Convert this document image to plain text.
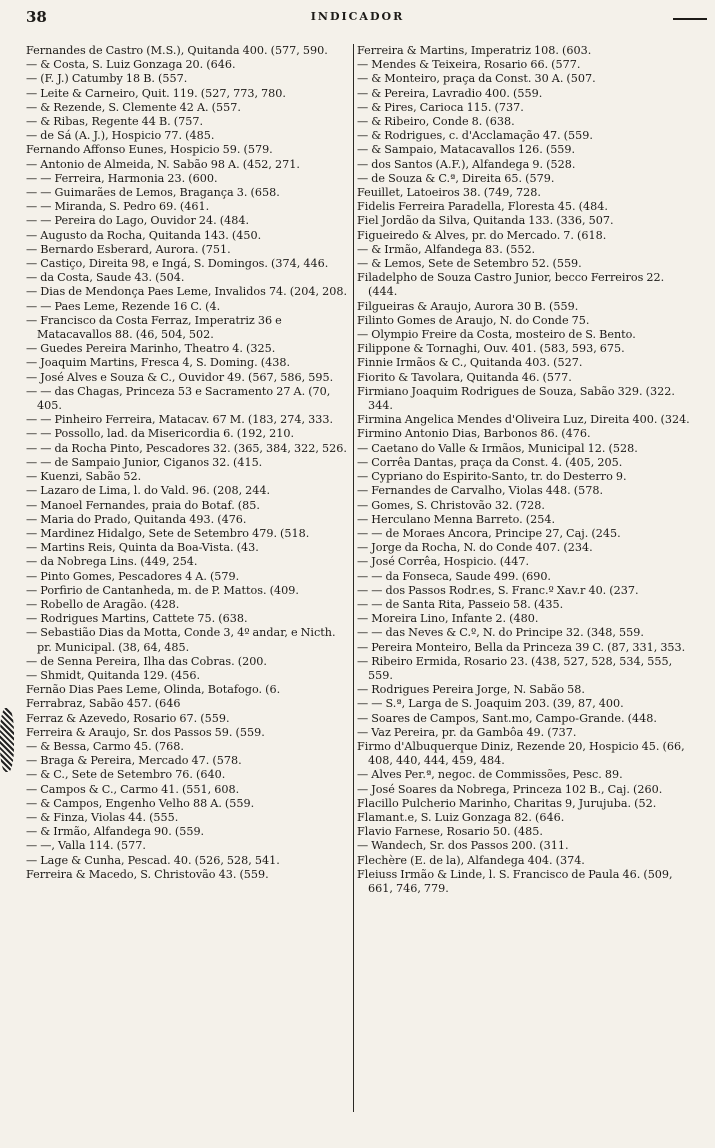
38	INDICADOR
Fernandes de Castro (M.S.), Quitanda 400. (577, 590.
— & Costa, S. Luiz Gonzaga 20. (646.
— (F. J.) Catumby 18 B. (557.
— Leite & Carneiro, Quit. 119. (527, 773, 780.
— & Rezende, S. Clemente 42 A. (557.
— & Ribas, Regente 44 B. (757.
— de Sá (A. J.), Hospicio 77. (485.
Fernando Affonso Eunes, Hospicio 59. (579.
— Antonio de Almeida, N. Sabão 98 A. (452, 271.
— — Ferreira, Harmonia 23. (600.
— — Guimarães de Lemos, Bragança 3. (658.
— — Miranda, S. Pedro 69. (461.
— — Pereira do Lago, Ouvidor 24. (484.
— Augusto da Rocha, Quitanda 143. (450.
— Bernardo Esberard, Aurora. (751.
— Castiço, Direita 98, e Ingá, S. Domingos. (374, 446.
— da Costa, Saude 43. (504.
— Dias de Mendonça Paes Leme, Invalidos 74. (204, 208.
— — Paes Leme, Rezende 16 C. (4.
— Francisco da Costa Ferraz, Imperatriz 36 e Matacavallos 88. (46, 504, 502.
— Guedes Pereira Marinho, Theatro 4. (325.
— Joaquim Martins, Fresca 4, S. Doming. (438.
— José Alves e Souza & C., Ouvidor 49. (567, 586, 595.
— — das Chagas, Princeza 53 e Sacramento 27 A. (70, 405.
— — Pinheiro Ferreira, Matacav. 67 M. (183, 274, 333.
— — Possollo, lad. da Misericordia 6. (192, 210.
— — da Rocha Pinto, Pescadores 32. (365, 384, 322, 526.
— — de Sampaio Junior, Ciganos 32. (415.
— Kuenzi, Sabão 52.
— Lazaro de Lima, l. do Vald. 96. (208, 244.
— Manoel Fernandes, praia do Botaf. (85.
— Maria do Prado, Quitanda 493. (476.
— Mardinez Hidalgo, Sete de Setembro 479. (518.
— Martins Reis, Quinta da Boa-Vista. (43.
— da Nobrega Lins. (449, 254.
— Pinto Gomes, Pescadores 4 A. (579.
— Porfirio de Cantanheda, m. de P. Mattos. (409.
— Robello de Aragão. (428.
— Rodrigues Martins, Cattete 75. (638.
— Sebastião Dias da Motta, Conde 3, 4º andar, e Nicth. pr. Municipal. (38, 64, 485.
— de Senna Pereira, Ilha das Cobras. (200.
— Shmidt, Quitanda 129. (456.
Fernão Dias Paes Leme, Olinda, Botafogo. (6.
Ferrabraz, Sabão 457. (646
Ferraz & Azevedo, Rosario 67. (559.
Ferreira & Araujo, Sr. dos Passos 59. (559.
— & Bessa, Carmo 45. (768.
— Braga & Pereira, Mercado 47. (578.
— & C., Sete de Setembro 76. (640.
— Campos & C., Carmo 41. (551, 608.
— & Campos, Engenho Velho 88 A. (559.
— & Finza, Violas 44. (555.
— & Irmão, Alfandega 90. (559.
— —, Valla 114. (577.
— Lage & Cunha, Pescad. 40. (526, 528, 541.
Ferreira & Macedo, S. Christovão 43. (559.
Ferreira & Martins, Imperatriz 108. (603.
— Mendes & Teixeira, Rosario 66. (577.
— & Monteiro, praça da Const. 30 A. (507.
— & Pereira, Lavradio 400. (559.
— & Pires, Carioca 115. (737.
— & Ribeiro, Conde 8. (638.
— & Rodrigues, c. d'Acclamação 47. (559.
— & Sampaio, Matacavallos 126. (559.
— dos Santos (A.F.), Alfandega 9. (528.
— de Souza & C.ª, Direita 65. (579.
Feuillet, Latoeiros 38. (749, 728.
Fidelis Ferreira Paradella, Floresta 45. (484.
Fiel Jordão da Silva, Quitanda 133. (336, 507.
Figueiredo & Alves, pr. do Mercado. 7. (618.
— & Irmão, Alfandega 83. (552.
— & Lemos, Sete de Setembro 52. (559.
Filadelpho de Souza Castro Junior, becco Ferreiros 22. (444.
Filgueiras & Araujo, Aurora 30 B. (559.
Filinto Gomes de Araujo, N. do Conde 75.
— Olympio Freire da Costa, mosteiro de S. Bento.
Filippone & Tornaghi, Ouv. 401. (583, 593, 675.
Finnie Irmãos & C., Quitanda 403. (527.
Fiorito & Tavolara, Quitanda 46. (577.
Firmiano Joaquim Rodrigues de Souza, Sabão 329. (322. 344.
Firmina Angelica Mendes d'Oliveira Luz, Direita 400. (324.
Firmino Antonio Dias, Barbonos 86. (476.
— Caetano do Valle & Irmãos, Municipal 12. (528.
— Corrêa Dantas, praça da Const. 4. (405, 205.
— Cypriano do Espirito-Santo, tr. do Desterro 9.
— Fernandes de Carvalho, Violas 448. (578.
— Gomes, S. Christovão 32. (728.
— Herculano Menna Barreto. (254.
— — de Moraes Ancora, Principe 27, Caj. (245.
— Jorge da Rocha, N. do Conde 407. (234.
— José Corrêa, Hospicio. (447.
— — da Fonseca, Saude 499. (690.
— — dos Passos Rodr.es, S. Franc.º Xav.r 40. (237.
— — de Santa Rita, Passeio 58. (435.
— Moreira Lino, Infante 2. (480.
— — das Neves & C.º, N. do Principe 32. (348, 559.
— Pereira Monteiro, Bella da Princeza 39 C. (87, 331, 353.
— Ribeiro Ermida, Rosario 23. (438, 527, 528, 534, 555, 559.
— Rodrigues Pereira Jorge, N. Sabão 58.
— — S.ª, Larga de S. Joaquim 203. (39, 87, 400.
— Soares de Campos, Sant.mo, Campo-Grande. (448.
— Vaz Pereira, pr. da Gambôa 49. (737.
Firmo d'Albuquerque Diniz, Rezende 20, Hospicio 45. (66, 408, 440, 444, 459, 484.
— Alves Per.ª, negoc. de Commissões, Pesc. 89.
— José Soares da Nobrega, Princeza 102 B., Caj. (260.
Flacillo Pulcherio Marinho, Charitas 9, Jurujuba. (52.
Flamant.e, S. Luiz Gonzaga 82. (646.
Flavio Farnese, Rosario 50. (485.
— Wandech, Sr. dos Passos 200. (311.
Flechère (E. de la), Alfandega 404. (374.
Fleiuss Irmão & Linde, l. S. Francisco de Paula 46. (509, 661, 746, 779.
